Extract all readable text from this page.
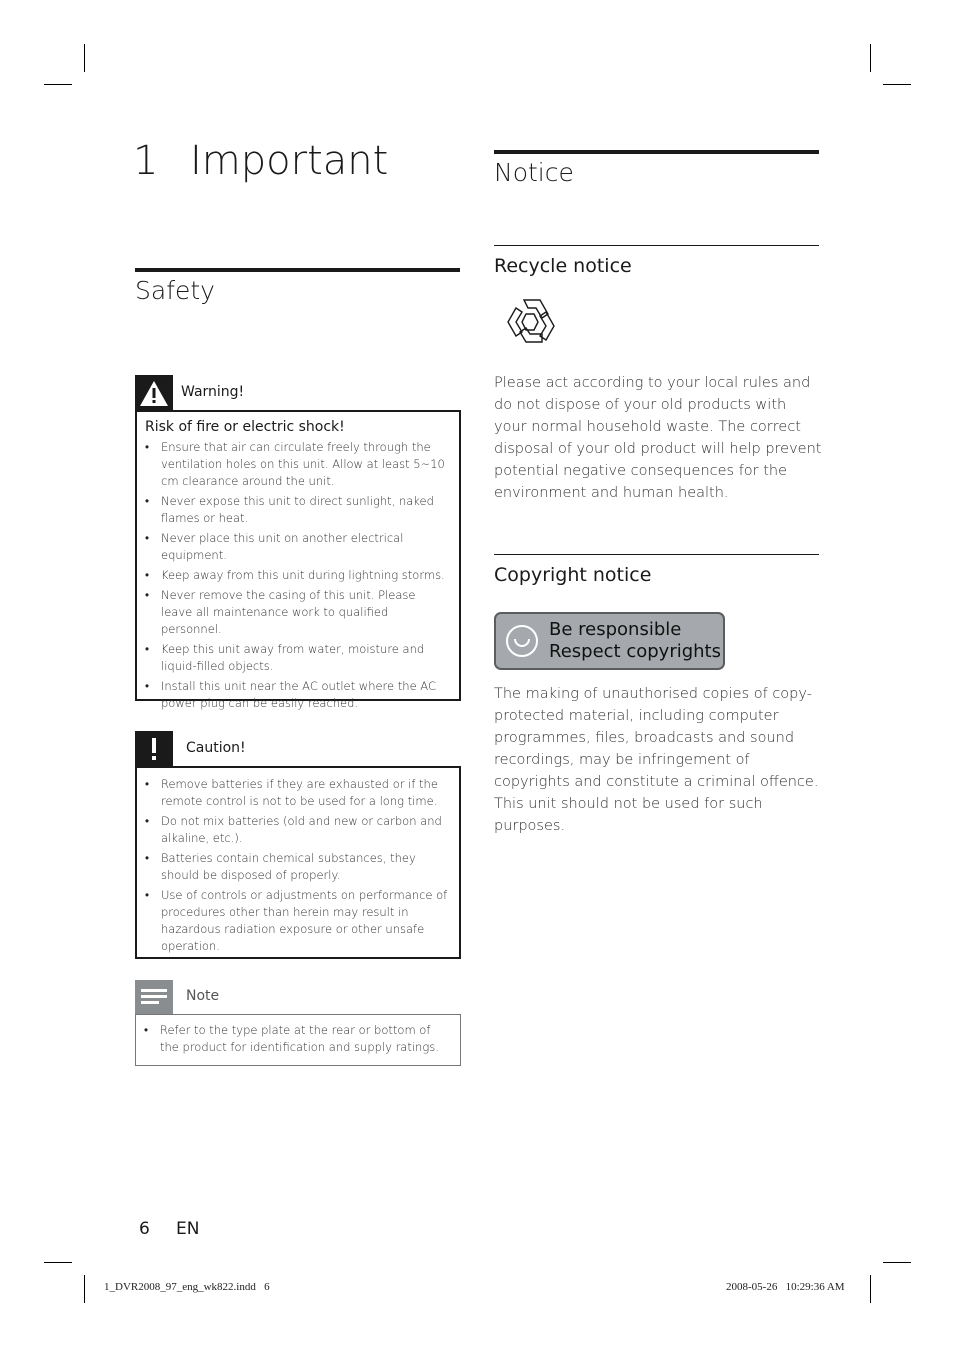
1 Important
Safety
Warning!
Risk of fire or electric shock!
• Ensure that air can circulate freely through the ventilation holes on this unit. Allow at least 5~10 cm clearance around the unit.
• Never expose this unit to direct sunlight, naked flames or heat.
• Never place this unit on another electrical equipment.
• Keep away from this unit during lightning storms.
• Never remove the casing of this unit. Please leave all maintenance work to qualified personnel.
• Keep this unit away from water, moisture and liquid-filled objects.
• Install this unit near the AC outlet where the AC power plug can be easily reached.
Caution!
• Remove batteries if they are exhausted or if the remote control is not to be used for a long time.
• Do not mix batteries (old and new or carbon and alkaline, etc.).
• Batteries contain chemical substances, they should be disposed of properly.
• Use of controls or adjustments on performance of procedures other than herein may result in hazardous radiation exposure or other unsafe operation.
Note
• Refer to the type plate at the rear or bottom of the product for identification and supply ratings.
Notice
Recycle notice
Please act according to your local rules and do not dispose of your old products with your normal household waste. The correct disposal of your old product will help prevent potential negative consequences for the environment and human health.
Copyright notice
Be responsible
Respect copyrights
The making of unauthorised copies of copy-protected material, including computer programmes, files, broadcasts and sound recordings, may be infringement of copyrights and constitute a criminal offence. This unit should not be used for such purposes.
6 EN
1_DVR2008_97_eng_wk822.indd   6	2008-05-26   10:29:36 AM
